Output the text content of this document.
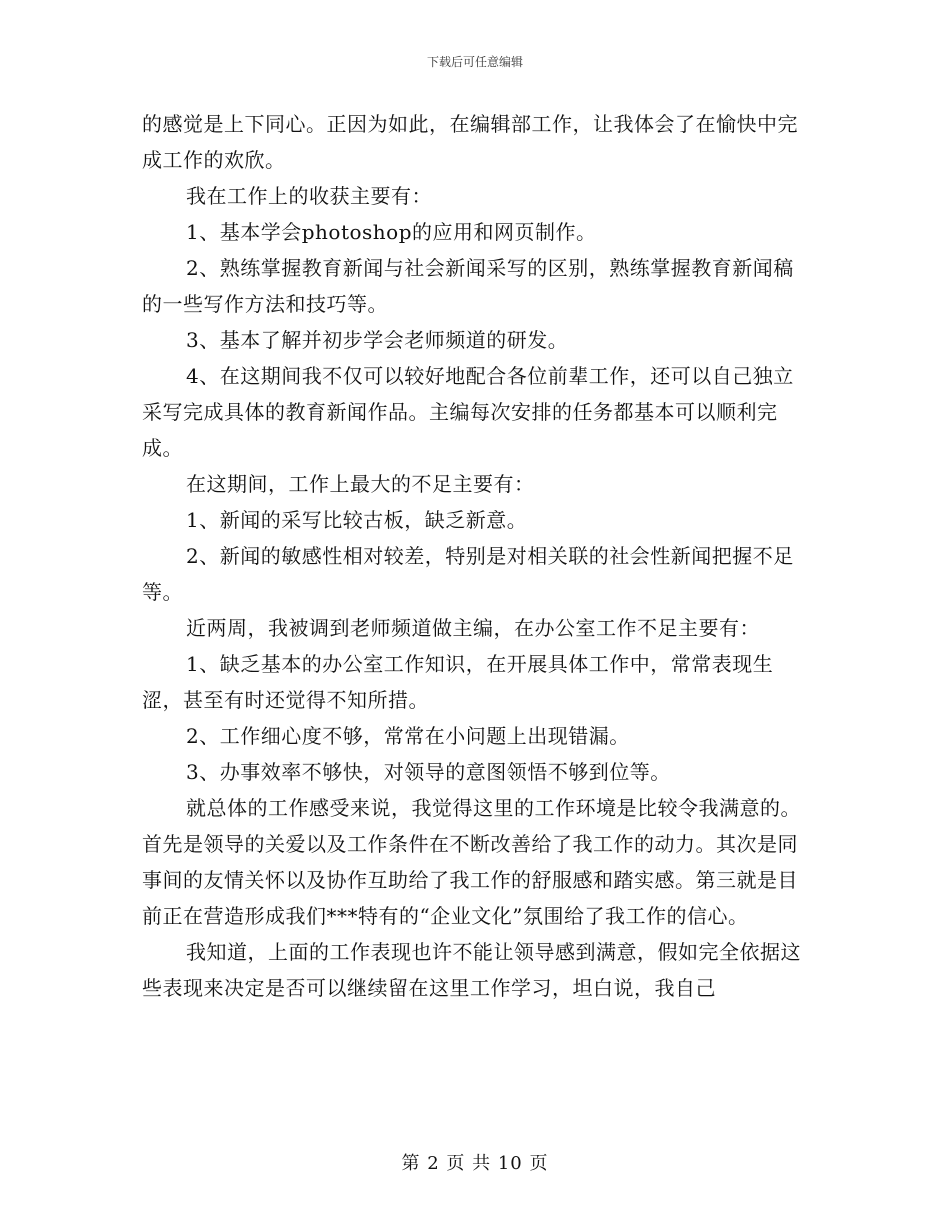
下载后可任意编辑

的感觉是上下同心。正因为如此，在编辑部工作，让我体会了在愉快中完成工作的欢欣。

我在工作上的收获主要有：

1、基本学会photoshop的应用和网页制作。

2、熟练掌握教育新闻与社会新闻采写的区别，熟练掌握教育新闻稿的一些写作方法和技巧等。

3、基本了解并初步学会老师频道的研发。

4、在这期间我不仅可以较好地配合各位前辈工作，还可以自己独立采写完成具体的教育新闻作品。主编每次安排的任务都基本可以顺利完成。

在这期间，工作上最大的不足主要有：

1、新闻的采写比较古板，缺乏新意。

2、新闻的敏感性相对较差，特别是对相关联的社会性新闻把握不足等。

近两周，我被调到老师频道做主编，在办公室工作不足主要有：

1、缺乏基本的办公室工作知识，在开展具体工作中，常常表现生涩，甚至有时还觉得不知所措。

2、工作细心度不够，常常在小问题上出现错漏。

3、办事效率不够快，对领导的意图领悟不够到位等。

就总体的工作感受来说，我觉得这里的工作环境是比较令我满意的。首先是领导的关爱以及工作条件在不断改善给了我工作的动力。其次是同事间的友情关怀以及协作互助给了我工作的舒服感和踏实感。第三就是目前正在营造形成我们***特有的“企业文化”氛围给了我工作的信心。

我知道，上面的工作表现也许不能让领导感到满意，假如完全依据这些表现来决定是否可以继续留在这里工作学习，坦白说，我自己

第 2 页 共 10 页
